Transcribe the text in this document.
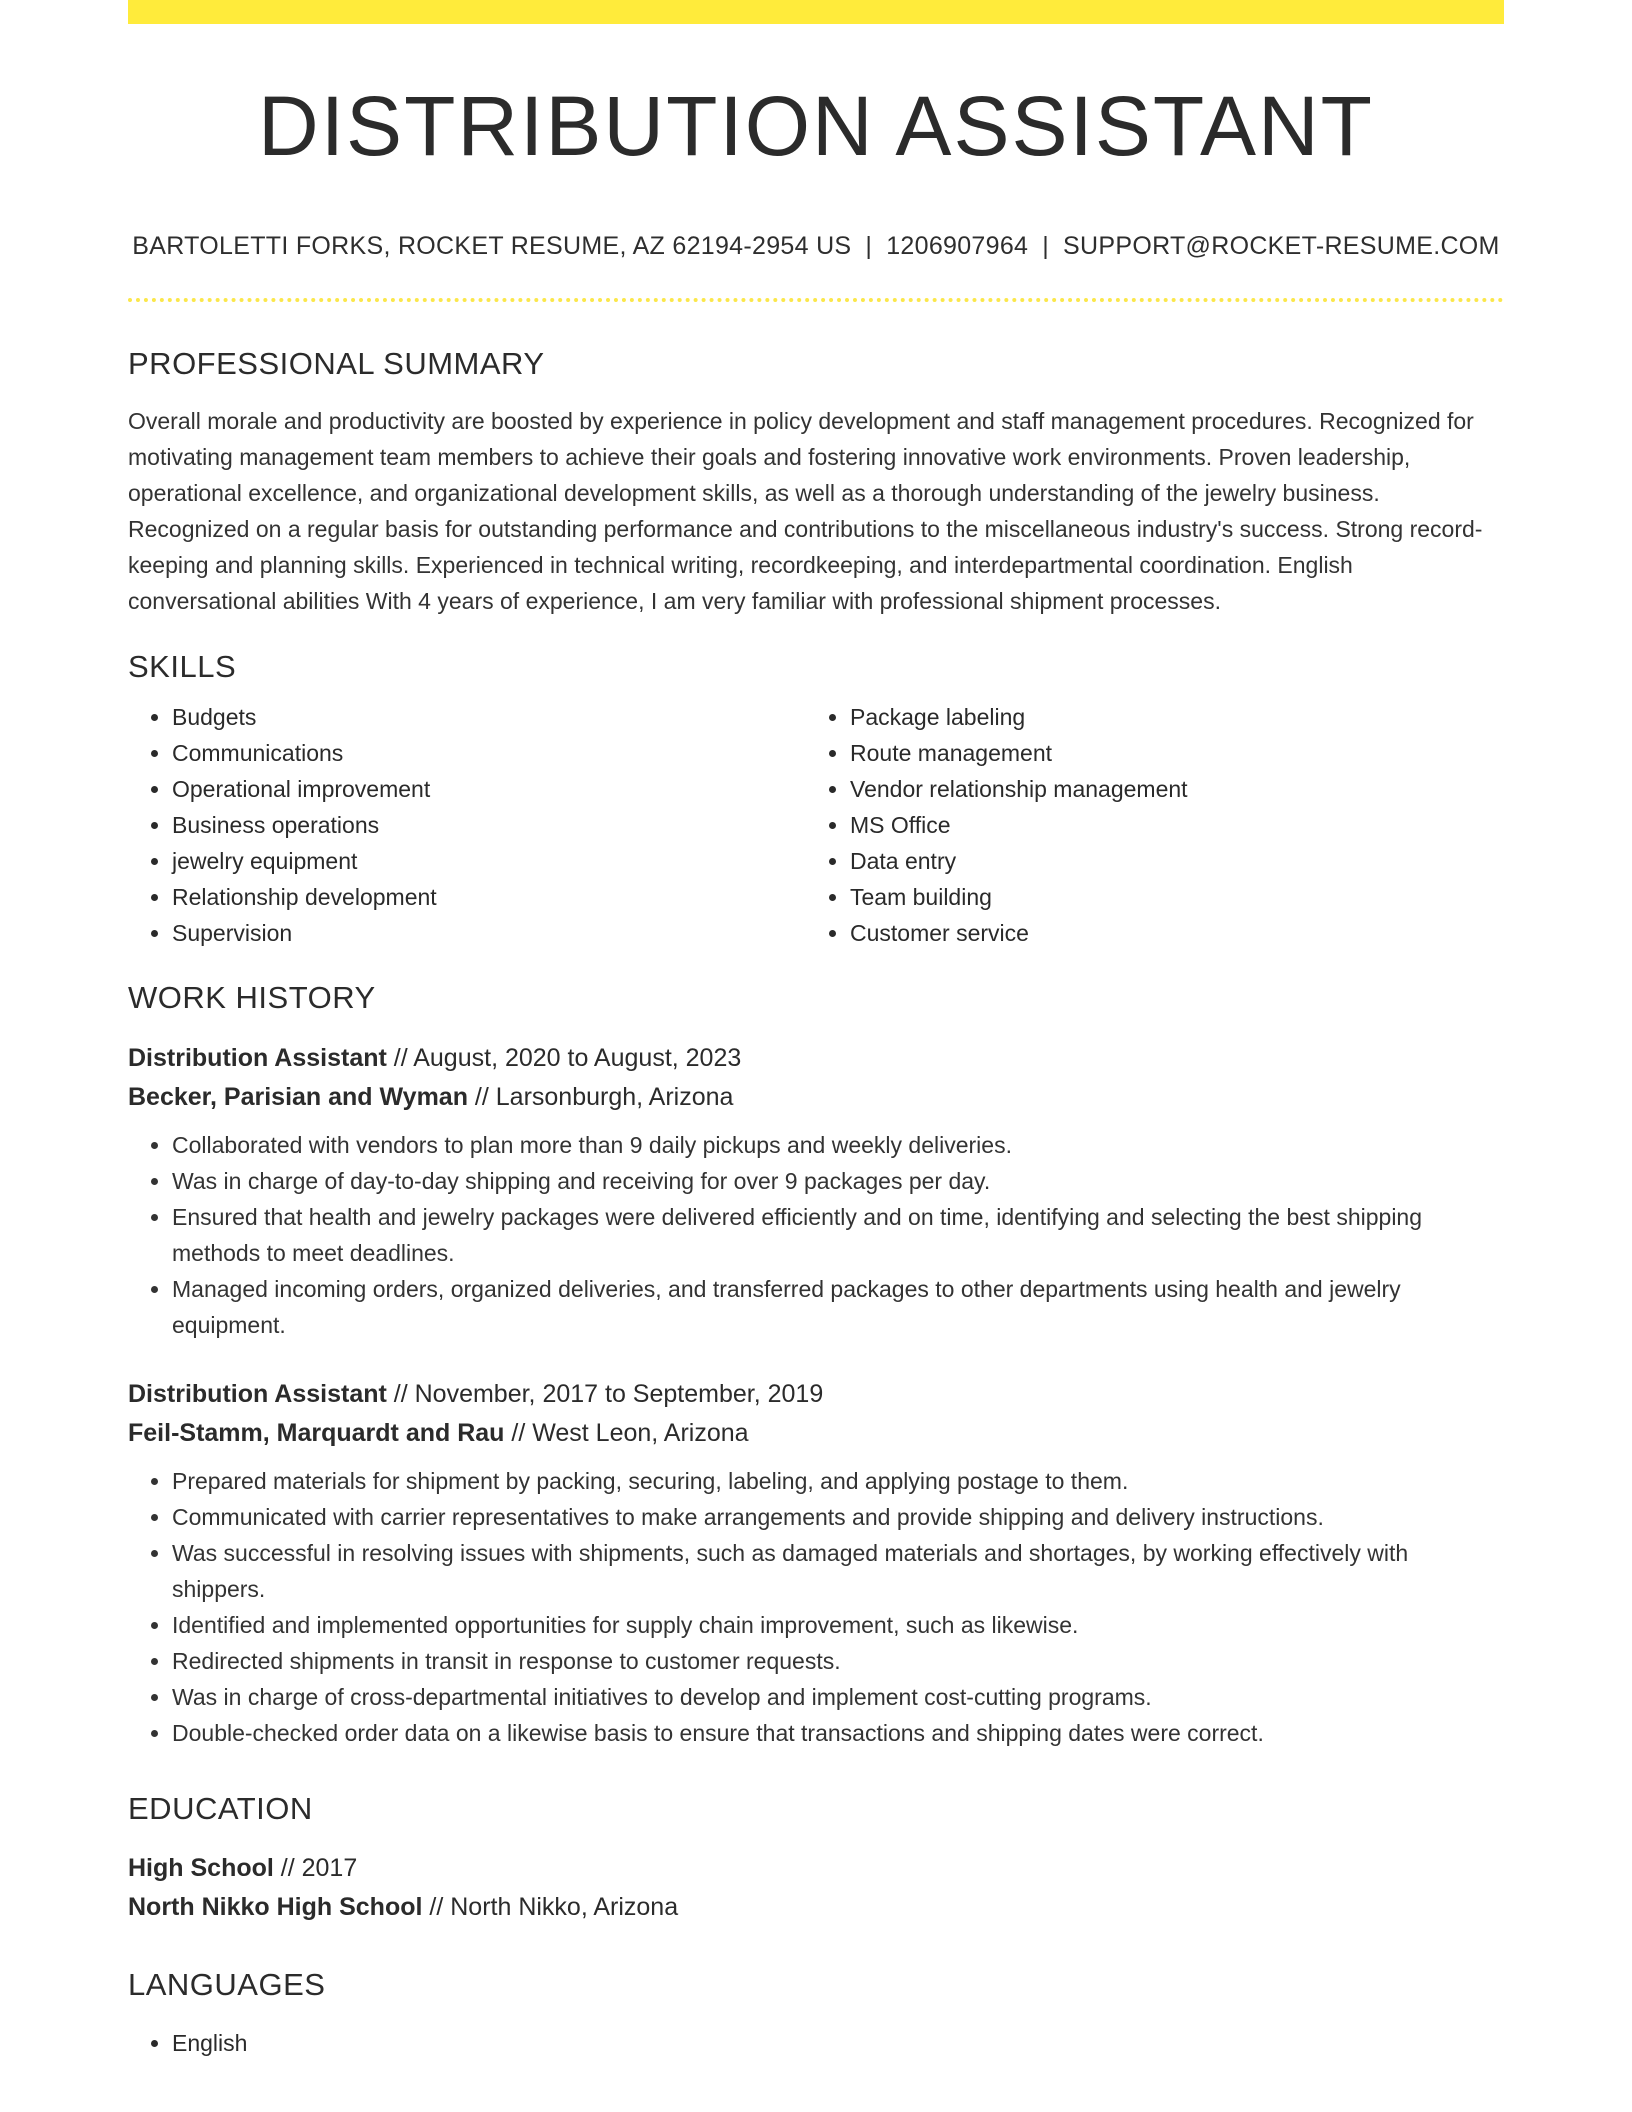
DISTRIBUTION ASSISTANT
BARTOLETTI FORKS, ROCKET RESUME, AZ 62194-2954 US | 1206907964 | SUPPORT@ROCKET-RESUME.COM
PROFESSIONAL SUMMARY
Overall morale and productivity are boosted by experience in policy development and staff management procedures. Recognized for motivating management team members to achieve their goals and fostering innovative work environments. Proven leadership, operational excellence, and organizational development skills, as well as a thorough understanding of the jewelry business. Recognized on a regular basis for outstanding performance and contributions to the miscellaneous industry's success. Strong record-keeping and planning skills. Experienced in technical writing, recordkeeping, and interdepartmental coordination. English conversational abilities With 4 years of experience, I am very familiar with professional shipment processes.
SKILLS
• Budgets
• Communications
• Operational improvement
• Business operations
• jewelry equipment
• Relationship development
• Supervision
• Package labeling
• Route management
• Vendor relationship management
• MS Office
• Data entry
• Team building
• Customer service
WORK HISTORY
Distribution Assistant // August, 2020 to August, 2023
Becker, Parisian and Wyman // Larsonburgh, Arizona
• Collaborated with vendors to plan more than 9 daily pickups and weekly deliveries.
• Was in charge of day-to-day shipping and receiving for over 9 packages per day.
• Ensured that health and jewelry packages were delivered efficiently and on time, identifying and selecting the best shipping methods to meet deadlines.
• Managed incoming orders, organized deliveries, and transferred packages to other departments using health and jewelry equipment.
Distribution Assistant // November, 2017 to September, 2019
Feil-Stamm, Marquardt and Rau // West Leon, Arizona
• Prepared materials for shipment by packing, securing, labeling, and applying postage to them.
• Communicated with carrier representatives to make arrangements and provide shipping and delivery instructions.
• Was successful in resolving issues with shipments, such as damaged materials and shortages, by working effectively with shippers.
• Identified and implemented opportunities for supply chain improvement, such as likewise.
• Redirected shipments in transit in response to customer requests.
• Was in charge of cross-departmental initiatives to develop and implement cost-cutting programs.
• Double-checked order data on a likewise basis to ensure that transactions and shipping dates were correct.
EDUCATION
High School // 2017
North Nikko High School // North Nikko, Arizona
LANGUAGES
• English
